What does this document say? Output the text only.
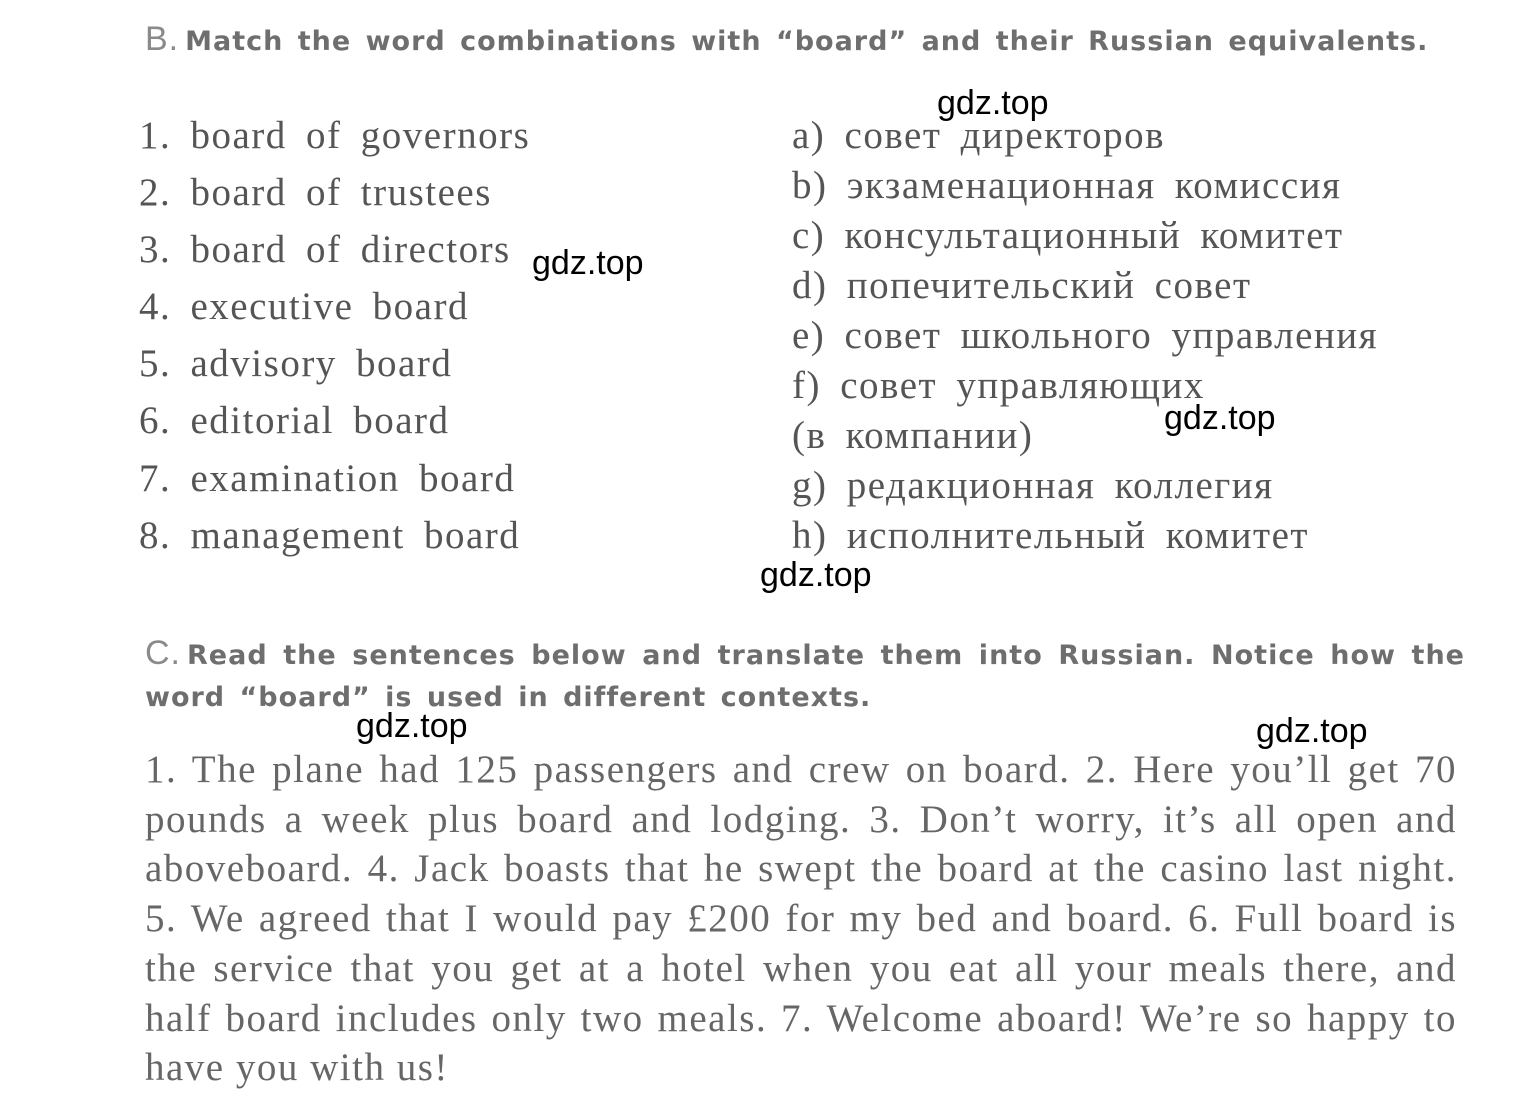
B. Match the word combinations with “board” and their Russian equivalents.
1. board of governors
2. board of trustees
3. board of directors
4. executive board
5. advisory board
6. editorial board
7. examination board
8. management board
а) совет директоров
b) экзаменационная комиссия
с) консультационный комитет
d) попечительский совет
e) совет школьного управления
f) совет управляющих
(в компании)
g) редакционная коллегия
h) исполнительный комитет
C. Read the sentences below and translate them into Russian. Notice how the word “board” is used in different contexts.
1. The plane had 125 passengers and crew on board. 2. Here you’ll get 70 pounds a week plus board and lodging. 3. Don’t worry, it’s all open and aboveboard. 4. Jack boasts that he swept the board at the casino last night. 5. We agreed that I would pay £200 for my bed and board. 6. Full board is the service that you get at a hotel when you eat all your meals there, and half board includes only two meals. 7. Welcome aboard! We’re so happy to have you with us!
gdz.top
gdz.top
gdz.top
gdz.top
gdz.top	gdz.top
